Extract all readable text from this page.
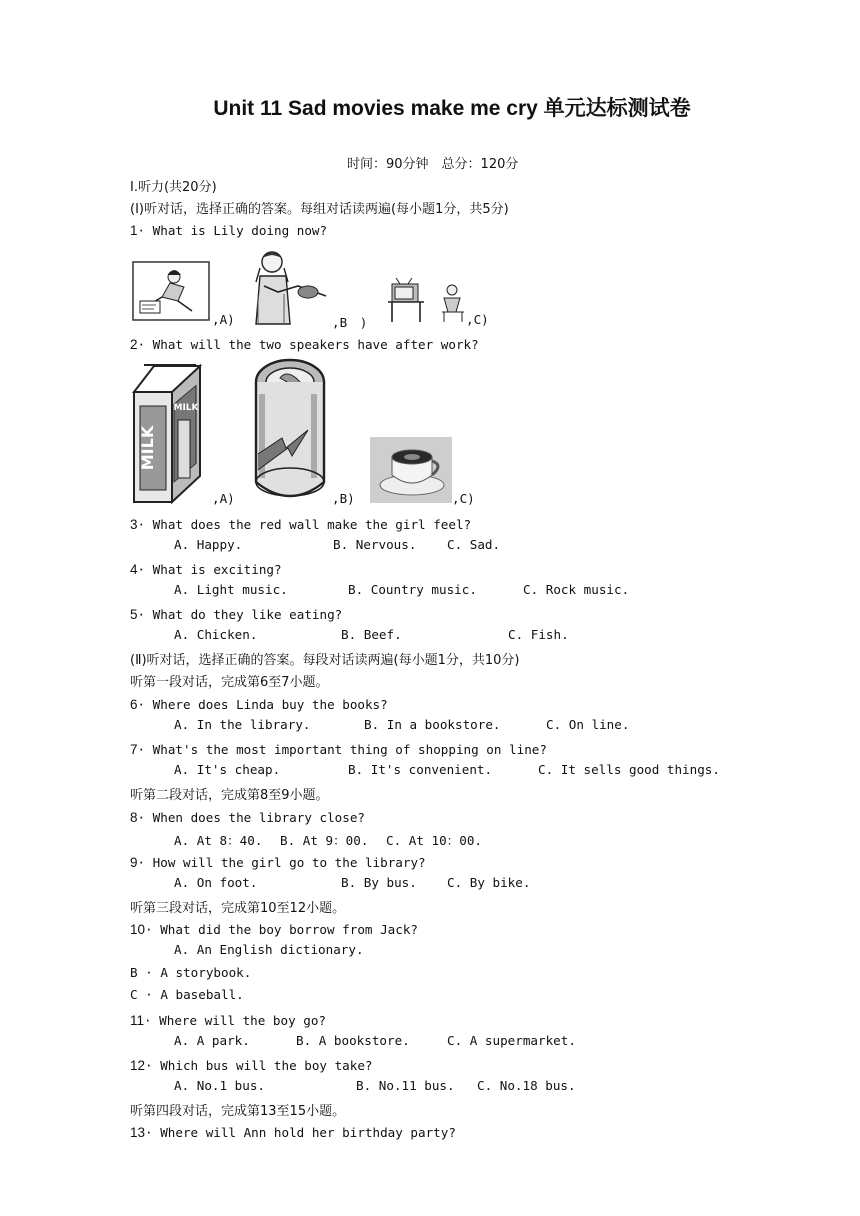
Unit 11 Sad movies make me cry 单元达标测试卷
时间：90分钟　总分：120分
Ⅰ.听力(共20分)
(Ⅰ)听对话，选择正确的答案。每组对话读两遍(每小题1分，共5分)
1· What is Lily doing now?
,A)	,B　)	,C)
2· What will the two speakers have after work?
MILK
MILK
,A)	,B)	,C)
3· What does the red wall make the girl feel?
A. Happy.	B. Nervous. C. Sad.
4· What is exciting?
A. Light music.	B. Country music.	C. Rock music.
5· What do they like eating?
A. Chicken.	B. Beef.	C. Fish.
(Ⅱ)听对话，选择正确的答案。每段对话读两遍(每小题1分，共10分)
听第一段对话，完成第6至7小题。
6· Where does Linda buy the books?
A. In the library.	B. In a bookstore.	C. On line.
7· What's the most important thing of shopping on line?
A. It's cheap.	B. It's convenient.	C. It sells good things.
听第二段对话，完成第8至9小题。
8· When does the library close?
A. At 8：40. B. At 9：00. C. At 10：00.
9· How will the girl go to the library?
A. On foot.	B. By bus. C. By bike.
听第三段对话，完成第10至12小题。
10· What did the boy borrow from Jack?
A. An English dictionary.
B · A storybook.
C · A baseball.
11· Where will the boy go?
A. A park.	B. A bookstore.	C. A supermarket.
12· Which bus will the boy take?
A. No.1 bus.	B. No.11 bus. C. No.18 bus.
听第四段对话，完成第13至15小题。
13· Where will Ann hold her birthday party?
